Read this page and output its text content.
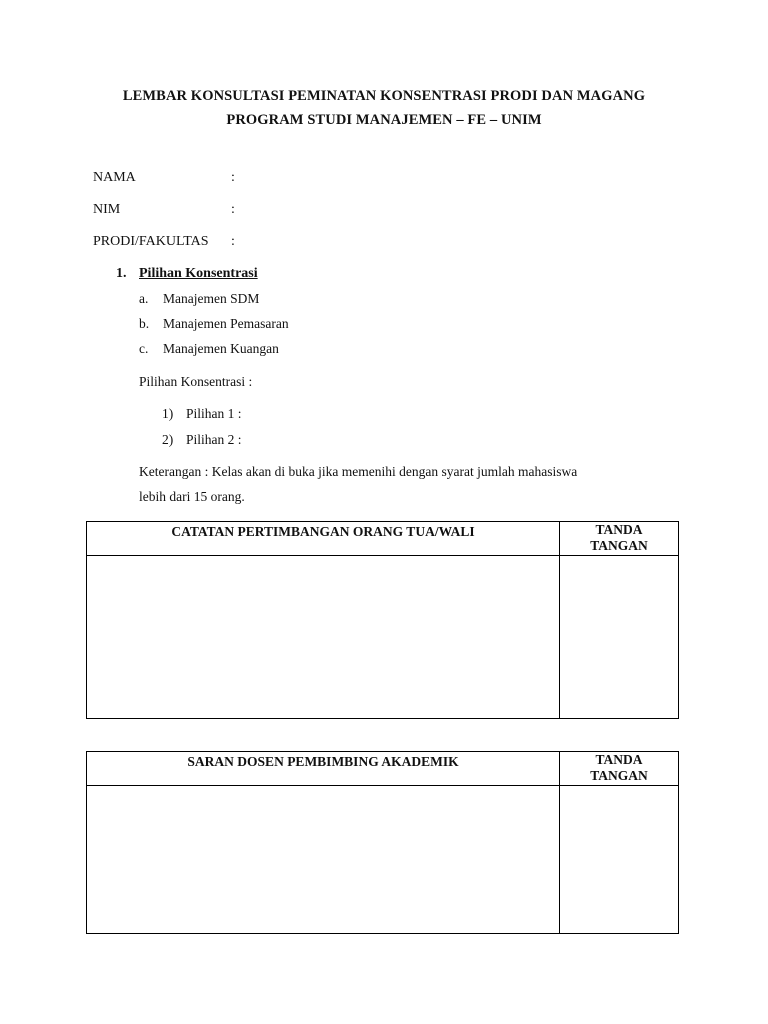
LEMBAR KONSULTASI PEMINATAN KONSENTRASI PRODI DAN MAGANG
PROGRAM STUDI MANAJEMEN – FE – UNIM
NAMA	:
NIM	:
PRODI/FAKULTAS :
1. Pilihan Konsentrasi
a. Manajemen SDM
b. Manajemen Pemasaran
c. Manajemen Kuangan
Pilihan Konsentrasi :
1) Pilihan 1 :
2) Pilihan 2 :
Keterangan : Kelas akan di buka jika memenihi dengan syarat jumlah mahasiswa
lebih dari 15 orang.
CATATAN PERTIMBANGAN ORANG TUA/WALI	TANDA
TANGAN

SARAN DOSEN PEMBIMBING AKADEMIK	TANDA
TANGAN
